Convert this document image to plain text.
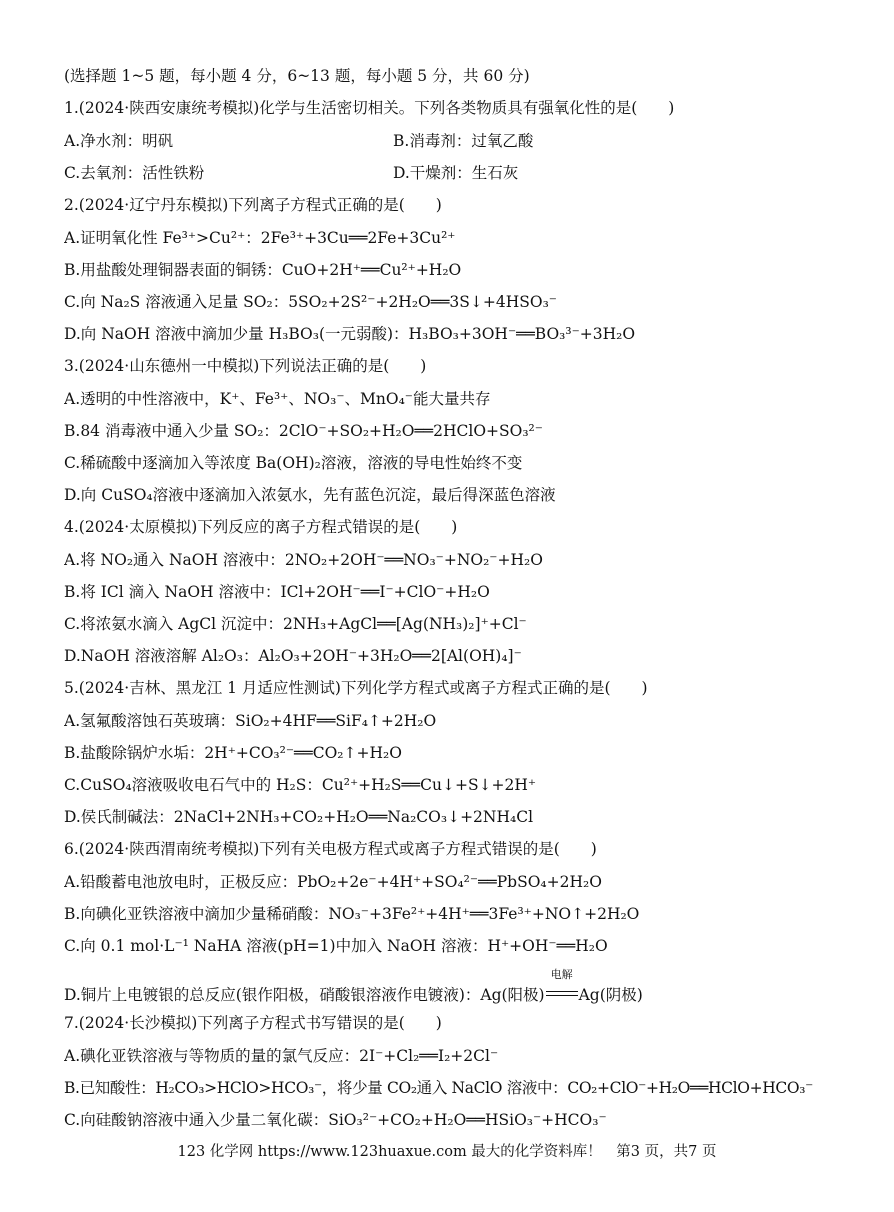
(选择题 1~5 题，每小题 4 分，6~13 题，每小题 5 分，共 60 分)
1.(2024·陕西安康统考模拟)化学与生活密切相关。下列各类物质具有强氧化性的是(　　)
A.净水剂：明矾	B.消毒剂：过氧乙酸
C.去氧剂：活性铁粉	D.干燥剂：生石灰
2.(2024·辽宁丹东模拟)下列离子方程式正确的是(　　)
A.证明氧化性 Fe³⁺>Cu²⁺：2Fe³⁺+3Cu══2Fe+3Cu²⁺
B.用盐酸处理铜器表面的铜锈：CuO+2H⁺══Cu²⁺+H₂O
C.向 Na₂S 溶液通入足量 SO₂：5SO₂+2S²⁻+2H₂O══3S↓+4HSO₃⁻
D.向 NaOH 溶液中滴加少量 H₃BO₃(一元弱酸)：H₃BO₃+3OH⁻══BO₃³⁻+3H₂O
3.(2024·山东德州一中模拟)下列说法正确的是(　　)
A.透明的中性溶液中，K⁺、Fe³⁺、NO₃⁻、MnO₄⁻能大量共存
B.84 消毒液中通入少量 SO₂：2ClO⁻+SO₂+H₂O══2HClO+SO₃²⁻
C.稀硫酸中逐滴加入等浓度 Ba(OH)₂溶液，溶液的导电性始终不变
D.向 CuSO₄溶液中逐滴加入浓氨水，先有蓝色沉淀，最后得深蓝色溶液
4.(2024·太原模拟)下列反应的离子方程式错误的是(　　)
A.将 NO₂通入 NaOH 溶液中：2NO₂+2OH⁻══NO₃⁻+NO₂⁻+H₂O
B.将 ICl 滴入 NaOH 溶液中：ICl+2OH⁻══I⁻+ClO⁻+H₂O
C.将浓氨水滴入 AgCl 沉淀中：2NH₃+AgCl══[Ag(NH₃)₂]⁺+Cl⁻
D.NaOH 溶液溶解 Al₂O₃：Al₂O₃+2OH⁻+3H₂O══2[Al(OH)₄]⁻
5.(2024·吉林、黑龙江 1 月适应性测试)下列化学方程式或离子方程式正确的是(　　)
A.氢氟酸溶蚀石英玻璃：SiO₂+4HF══SiF₄↑+2H₂O
B.盐酸除锅炉水垢：2H⁺+CO₃²⁻══CO₂↑+H₂O
C.CuSO₄溶液吸收电石气中的 H₂S：Cu²⁺+H₂S══Cu↓+S↓+2H⁺
D.侯氏制碱法：2NaCl+2NH₃+CO₂+H₂O══Na₂CO₃↓+2NH₄Cl
6.(2024·陕西渭南统考模拟)下列有关电极方程式或离子方程式错误的是(　　)
A.铅酸蓄电池放电时，正极反应：PbO₂+2e⁻+4H⁺+SO₄²⁻══PbSO₄+2H₂O
B.向碘化亚铁溶液中滴加少量稀硝酸：NO₃⁻+3Fe²⁺+4H⁺══3Fe³⁺+NO↑+2H₂O
C.向 0.1 mol·L⁻¹ NaHA 溶液(pH=1)中加入 NaOH 溶液：H⁺+OH⁻══H₂O
D.铜片上电镀银的总反应(银作阳极，硝酸银溶液作电镀液)：Ag(阳极)
电解
Ag(阴极)
7.(2024·长沙模拟)下列离子方程式书写错误的是(　　)
A.碘化亚铁溶液与等物质的量的氯气反应：2I⁻+Cl₂══I₂+2Cl⁻
B.已知酸性：H₂CO₃>HClO>HCO₃⁻，将少量 CO₂通入 NaClO 溶液中：CO₂+ClO⁻+H₂O══HClO+HCO₃⁻
C.向硅酸钠溶液中通入少量二氧化碳：SiO₃²⁻+CO₂+H₂O══HSiO₃⁻+HCO₃⁻
123 化学网 https://www.123huaxue.com 最大的化学资料库！　第3 页，共7 页
